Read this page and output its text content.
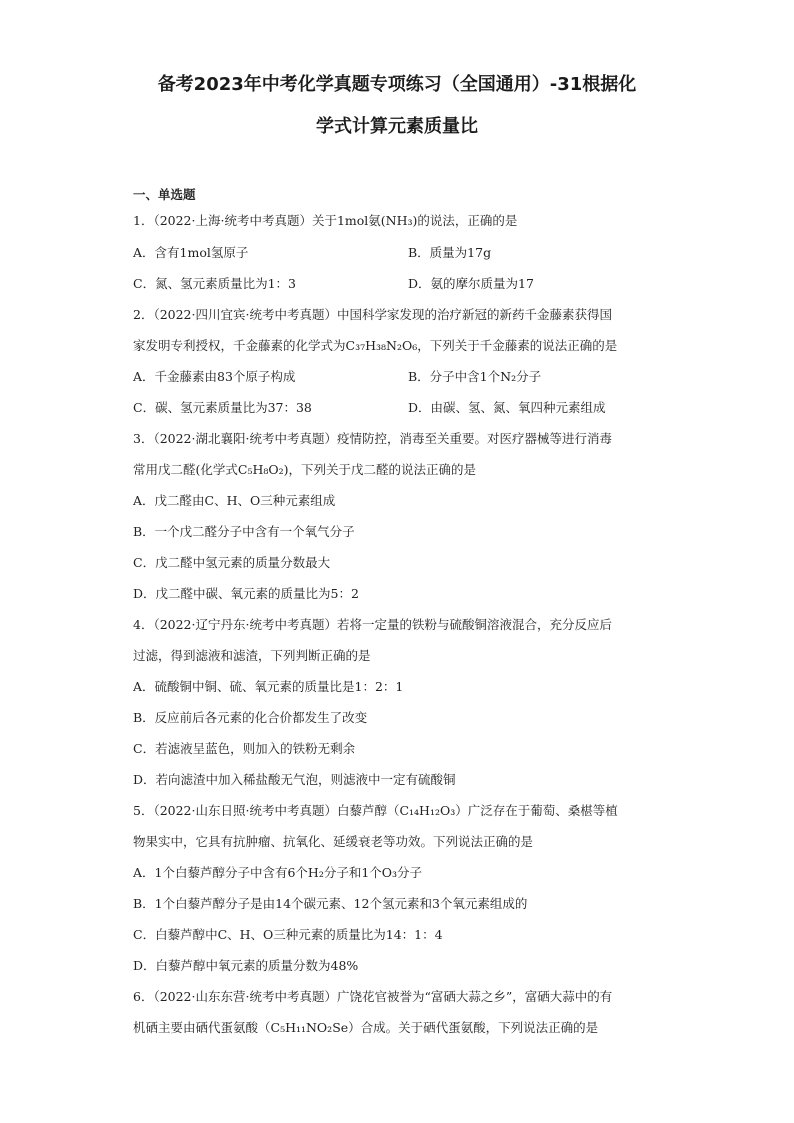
备考2023年中考化学真题专项练习（全国通用）-31根据化
学式计算元素质量比
一、单选题
1．（2022·上海·统考中考真题）关于1mol氨(NH₃)的说法，正确的是
A．含有1mol氢原子	B．质量为17g
C．氮、氢元素质量比为1：3	D．氨的摩尔质量为17
2．（2022·四川宜宾·统考中考真题）中国科学家发现的治疗新冠的新药千金藤素获得国
家发明专利授权，千金藤素的化学式为C₃₇H₃₈N₂O₆，下列关于千金藤素的说法正确的是
A．千金藤素由83个原子构成	B．分子中含1个N₂分子
C．碳、氢元素质量比为37：38	D．由碳、氢、氮、氧四种元素组成
3．（2022·湖北襄阳·统考中考真题）疫情防控，消毒至关重要。对医疗器械等进行消毒
常用戊二醛(化学式C₅H₈O₂)，下列关于戊二醛的说法正确的是
A．戊二醛由C、H、O三种元素组成
B．一个戊二醛分子中含有一个氧气分子
C．戊二醛中氢元素的质量分数最大
D．戊二醛中碳、氧元素的质量比为5：2
4．（2022·辽宁丹东·统考中考真题）若将一定量的铁粉与硫酸铜溶液混合，充分反应后
过滤，得到滤液和滤渣，下列判断正确的是
A．硫酸铜中铜、硫、氧元素的质量比是1：2：1
B．反应前后各元素的化合价都发生了改变
C．若滤液呈蓝色，则加入的铁粉无剩余
D．若向滤渣中加入稀盐酸无气泡，则滤液中一定有硫酸铜
5．（2022·山东日照·统考中考真题）白藜芦醇（C₁₄H₁₂O₃）广泛存在于葡萄、桑椹等植
物果实中，它具有抗肿瘤、抗氧化、延缓衰老等功效。下列说法正确的是
A．1个白藜芦醇分子中含有6个H₂分子和1个O₃分子
B．1个白藜芦醇分子是由14个碳元素、12个氢元素和3个氧元素组成的
C．白藜芦醇中C、H、O三种元素的质量比为14：1：4
D．白藜芦醇中氧元素的质量分数为48%
6．（2022·山东东营·统考中考真题）广饶花官被誉为“富硒大蒜之乡”，富硒大蒜中的有
机硒主要由硒代蛋氨酸（C₅H₁₁NO₂Se）合成。关于硒代蛋氨酸，下列说法正确的是
